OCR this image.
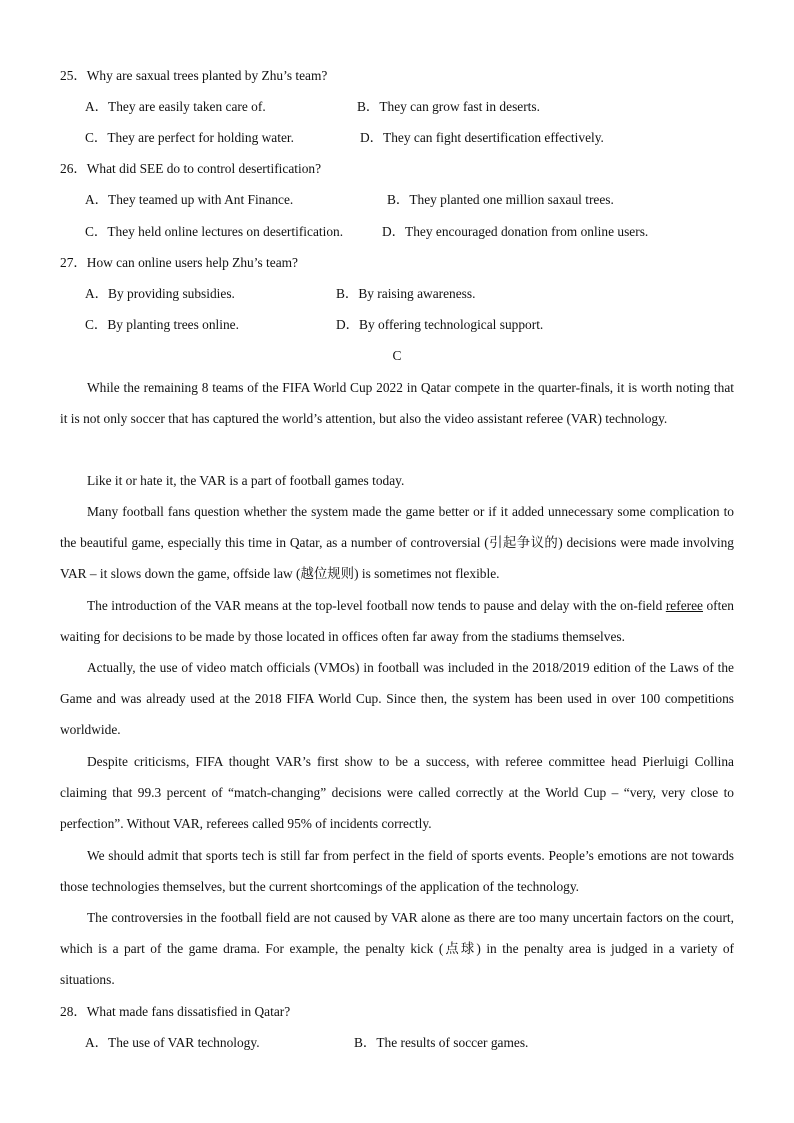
25．Why are saxual trees planted by Zhu’s team?
A．They are easily taken care of.	B．They can grow fast in deserts.
C．They are perfect for holding water.	D．They can fight desertification effectively.
26．What did SEE do to control desertification?
A．They teamed up with Ant Finance.	B．They planted one million saxaul trees.
C．They held online lectures on desertification.	D．They encouraged donation from online users.
27．How can online users help Zhu’s team?
A．By providing subsidies.	B．By raising awareness.
C．By planting trees online.	D．By offering technological support.
C
While the remaining 8 teams of the FIFA World Cup 2022 in Qatar compete in the quarter-finals, it is worth noting that it is not only soccer that has captured the world’s attention, but also the video assistant referee (VAR) technology.
Like it or hate it, the VAR is a part of football games today.
Many football fans question whether the system made the game better or if it added unnecessary some complication to the beautiful game, especially this time in Qatar, as a number of controversial (引起争议的) decisions were made involving VAR – it slows down the game, offside law (越位规则) is sometimes not flexible.
The introduction of the VAR means at the top-level football now tends to pause and delay with the on-field referee often waiting for decisions to be made by those located in offices often far away from the stadiums themselves.
Actually, the use of video match officials (VMOs) in football was included in the 2018/2019 edition of the Laws of the Game and was already used at the 2018 FIFA World Cup. Since then, the system has been used in over 100 competitions worldwide.
Despite criticisms, FIFA thought VAR’s first show to be a success, with referee committee head Pierluigi Collina claiming that 99.3 percent of “match-changing” decisions were called correctly at the World Cup – “very, very close to perfection”. Without VAR, referees called 95% of incidents correctly.
We should admit that sports tech is still far from perfect in the field of sports events. People’s emotions are not towards those technologies themselves, but the current shortcomings of the application of the technology.
The controversies in the football field are not caused by VAR alone as there are too many uncertain factors on the court, which is a part of the game drama. For example, the penalty kick (点球) in the penalty area is judged in a variety of situations.
28．What made fans dissatisfied in Qatar?
A．The use of VAR technology.	B．The results of soccer games.
